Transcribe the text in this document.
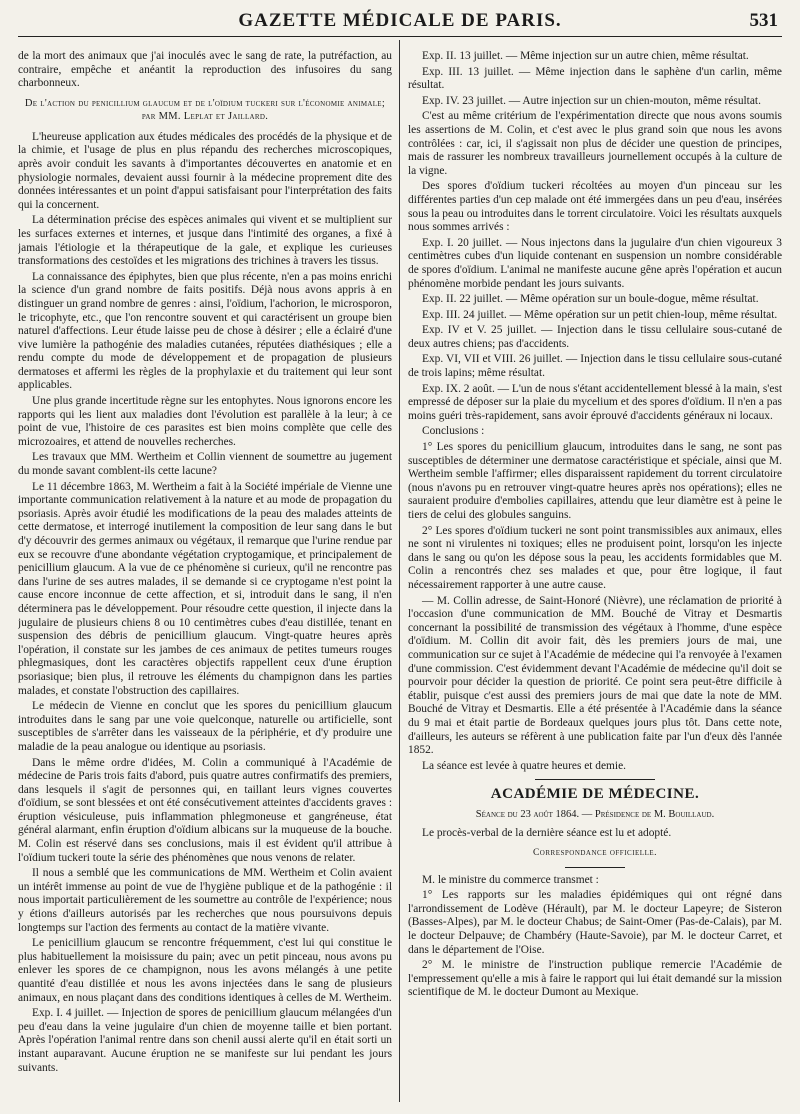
GAZETTE MÉDICALE DE PARIS.	531

de la mort des animaux que j'ai inoculés avec le sang de rate, la putréfaction, au contraire, empêche et anéantit la reproduction des infusoires du sang charbonneux.

De l'action du penicillium glaucum et de l'oïdium tuckeri sur l'économie animale; par MM. Leplat et Jaillard.

L'heureuse application aux études médicales des procédés de la physique et de la chimie, et l'usage de plus en plus répandu des recherches microscopiques, après avoir conduit les savants à d'importantes découvertes en anatomie et en physiologie normales, devaient aussi fournir à la médecine proprement dite des données intéressantes et un point d'appui satisfaisant pour l'interprétation des faits qui la concernent.

La détermination précise des espèces animales qui vivent et se multiplient sur les surfaces externes et internes, et jusque dans l'intimité des organes, a fixé à jamais l'étiologie et la thérapeutique de la gale, et explique les curieuses transformations des cestoïdes et les migrations des trichines à travers les tissus.

La connaissance des épiphytes, bien que plus récente, n'en a pas moins enrichi la science d'un grand nombre de faits positifs. Déjà nous avons appris à en distinguer un grand nombre de genres : ainsi, l'oïdium, l'achorion, le microsporon, le tricophyte, etc., que l'on rencontre souvent et qui caractérisent un groupe bien naturel d'affections. Leur étude laisse peu de chose à désirer ; elle a éclairé d'une vive lumière la pathogénie des maladies cutanées, réputées diathésiques ; elle a rendu compte du mode de développement et de propagation de plusieurs dermatoses et affermi les règles de la prophylaxie et du traitement qui leur sont applicables.

Une plus grande incertitude règne sur les entophytes. Nous ignorons encore les rapports qui les lient aux maladies dont l'évolution est parallèle à la leur; à ce point de vue, l'histoire de ces parasites est bien moins complète que celle des microzoaires, et attend de nouvelles recherches.

Les travaux que MM. Wertheim et Collin viennent de soumettre au jugement du monde savant comblent-ils cette lacune?

Le 11 décembre 1863, M. Wertheim a fait à la Société impériale de Vienne une importante communication relativement à la nature et au mode de propagation du psoriasis. Après avoir étudié les modifications de la peau des malades atteints de cette dermatose, et interrogé inutilement la composition de leur sang dans le but d'y découvrir des germes animaux ou végétaux, il remarque que l'urine rendue par eux se recouvre d'une abondante végétation cryptogamique, et principalement de penicillium glaucum. A la vue de ce phénomène si curieux, qu'il ne rencontre pas dans l'urine de ses autres malades, il se demande si ce cryptogame n'est point la cause encore inconnue de cette affection, et si, introduit dans le sang, il n'en déterminera pas le développement. Pour résoudre cette question, il injecte dans la jugulaire de plusieurs chiens 8 ou 10 centimètres cubes d'eau distillée, tenant en suspension des débris de penicillium glaucum. Vingt-quatre heures après l'opération, il constate sur les jambes de ces animaux de petites tumeurs rouges phlegmasiques, dont les caractères objectifs rappellent ceux d'une éruption psoriasique; bien plus, il retrouve les éléments du champignon dans les parties malades, et constate l'obstruction des capillaires.

Le médecin de Vienne en conclut que les spores du penicillium glaucum introduites dans le sang par une voie quelconque, naturelle ou artificielle, sont susceptibles de s'arrêter dans les vaisseaux de la périphérie, et d'y produire une maladie de la peau analogue ou identique au psoriasis.

Dans le même ordre d'idées, M. Colin a communiqué à l'Académie de médecine de Paris trois faits d'abord, puis quatre autres confirmatifs des premiers, dans lesquels il s'agit de personnes qui, en taillant leurs vignes couvertes d'oïdium, se sont blessées et ont été consécutivement atteintes d'accidents graves : éruption vésiculeuse, puis inflammation phlegmoneuse et gangréneuse, état général alarmant, enfin éruption d'oïdium albicans sur la muqueuse de la bouche. M. Colin est réservé dans ses conclusions, mais il est évident qu'il attribue à l'oïdium tuckeri toute la série des phénomènes que nous venons de relater.

Il nous a semblé que les communications de MM. Wertheim et Colin avaient un intérêt immense au point de vue de l'hygiène publique et de la pathogénie : il nous importait particulièrement de les soumettre au contrôle de l'expérience; nous y étions d'ailleurs autorisés par les recherches que nous poursuivons depuis longtemps sur l'action des ferments au contact de la matière vivante.

Le penicillium glaucum se rencontre fréquemment, c'est lui qui constitue le plus habituellement la moisissure du pain; avec un petit pinceau, nous avons pu enlever les spores de ce champignon, nous les avons mélangés à une petite quantité d'eau distillée et nous les avons injectées dans le sang de plusieurs animaux, en nous plaçant dans des conditions identiques à celles de M. Wertheim.

Exp. I. 4 juillet. — Injection de spores de penicillium glaucum mélangées d'un peu d'eau dans la veine jugulaire d'un chien de moyenne taille et bien portant. Après l'opération l'animal rentre dans son chenil aussi alerte qu'il en était sorti un instant auparavant. Aucune éruption ne se manifeste sur lui pendant les jours suivants.

Exp. II. 13 juillet. — Même injection sur un autre chien, même résultat.

Exp. III. 13 juillet. — Même injection dans le saphène d'un carlin, même résultat.

Exp. IV. 23 juillet. — Autre injection sur un chien-mouton, même résultat.

C'est au même critérium de l'expérimentation directe que nous avons soumis les assertions de M. Colin, et c'est avec le plus grand soin que nous les avons contrôlées : car, ici, il s'agissait non plus de décider une question de principes, mais de rassurer les nombreux travailleurs journellement occupés à la culture de la vigne.

Des spores d'oïdium tuckeri récoltées au moyen d'un pinceau sur les différentes parties d'un cep malade ont été immergées dans un peu d'eau, insérées sous la peau ou introduites dans le torrent circulatoire. Voici les résultats auxquels nous sommes arrivés :

Exp. I. 20 juillet. — Nous injectons dans la jugulaire d'un chien vigoureux 3 centimètres cubes d'un liquide contenant en suspension un nombre considérable de spores d'oïdium. L'animal ne manifeste aucune gêne après l'opération et aucun phénomène morbide pendant les jours suivants.

Exp. II. 22 juillet. — Même opération sur un boule-dogue, même résultat.

Exp. III. 24 juillet. — Même opération sur un petit chien-loup, même résultat.

Exp. IV et V. 25 juillet. — Injection dans le tissu cellulaire sous-cutané de deux autres chiens; pas d'accidents.

Exp. VI, VII et VIII. 26 juillet. — Injection dans le tissu cellulaire sous-cutané de trois lapins; même résultat.

Exp. IX. 2 août. — L'un de nous s'étant accidentellement blessé à la main, s'est empressé de déposer sur la plaie du mycelium et des spores d'oïdium. Il n'en a pas moins guéri très-rapidement, sans avoir éprouvé d'accidents généraux ni locaux.

Conclusions :

1° Les spores du penicillium glaucum, introduites dans le sang, ne sont pas susceptibles de déterminer une dermatose caractéristique et spéciale, ainsi que M. Wertheim semble l'affirmer; elles disparaissent rapidement du torrent circulatoire (nous n'avons pu en retrouver vingt-quatre heures après nos opérations); elles ne sauraient produire d'embolies capillaires, attendu que leur diamètre est à peine le tiers de celui des globules sanguins.

2° Les spores d'oïdium tuckeri ne sont point transmissibles aux animaux, elles ne sont ni virulentes ni toxiques; elles ne produisent point, lorsqu'on les injecte dans le sang ou qu'on les dépose sous la peau, les accidents formidables que M. Colin a rencontrés chez ses malades et que, pour être logique, il faut nécessairement rapporter à une autre cause.

— M. Collin adresse, de Saint-Honoré (Nièvre), une réclamation de priorité à l'occasion d'une communication de MM. Bouché de Vitray et Desmartis concernant la possibilité de transmission des végétaux à l'homme, d'une espèce d'oïdium. M. Collin dit avoir fait, dès les premiers jours de mai, une communication sur ce sujet à l'Académie de médecine qui l'a renvoyée à l'examen d'une commission. C'est évidemment devant l'Académie de médecine qu'il doit se pourvoir pour décider la question de priorité. Ce point sera peut-être difficile à établir, puisque c'est aussi des premiers jours de mai que date la note de MM. Bouché de Vitray et Desmartis. Elle a été présentée à l'Académie dans la séance du 9 mai et était partie de Bordeaux quelques jours plus tôt. Dans cette note, d'ailleurs, les auteurs se réfèrent à une publication faite par l'un d'eux dès l'année 1852.

La séance est levée à quatre heures et demie.

ACADÉMIE DE MÉDECINE.
Séance du 23 août 1864. — Présidence de M. Bouillaud.

Le procès-verbal de la dernière séance est lu et adopté.

Correspondance officielle.

M. le ministre du commerce transmet :

1° Les rapports sur les maladies épidémiques qui ont régné dans l'arrondissement de Lodève (Hérault), par M. le docteur Lapeyre; de Sisteron (Basses-Alpes), par M. le docteur Chabus; de Saint-Omer (Pas-de-Calais), par M. le docteur Delpauve; de Chambéry (Haute-Savoie), par M. le docteur Carret, et dans le département de l'Oise.

2° M. le ministre de l'instruction publique remercie l'Académie de l'empressement qu'elle a mis à faire le rapport qui lui était demandé sur la mission scientifique de M. le docteur Dumont au Mexique.
